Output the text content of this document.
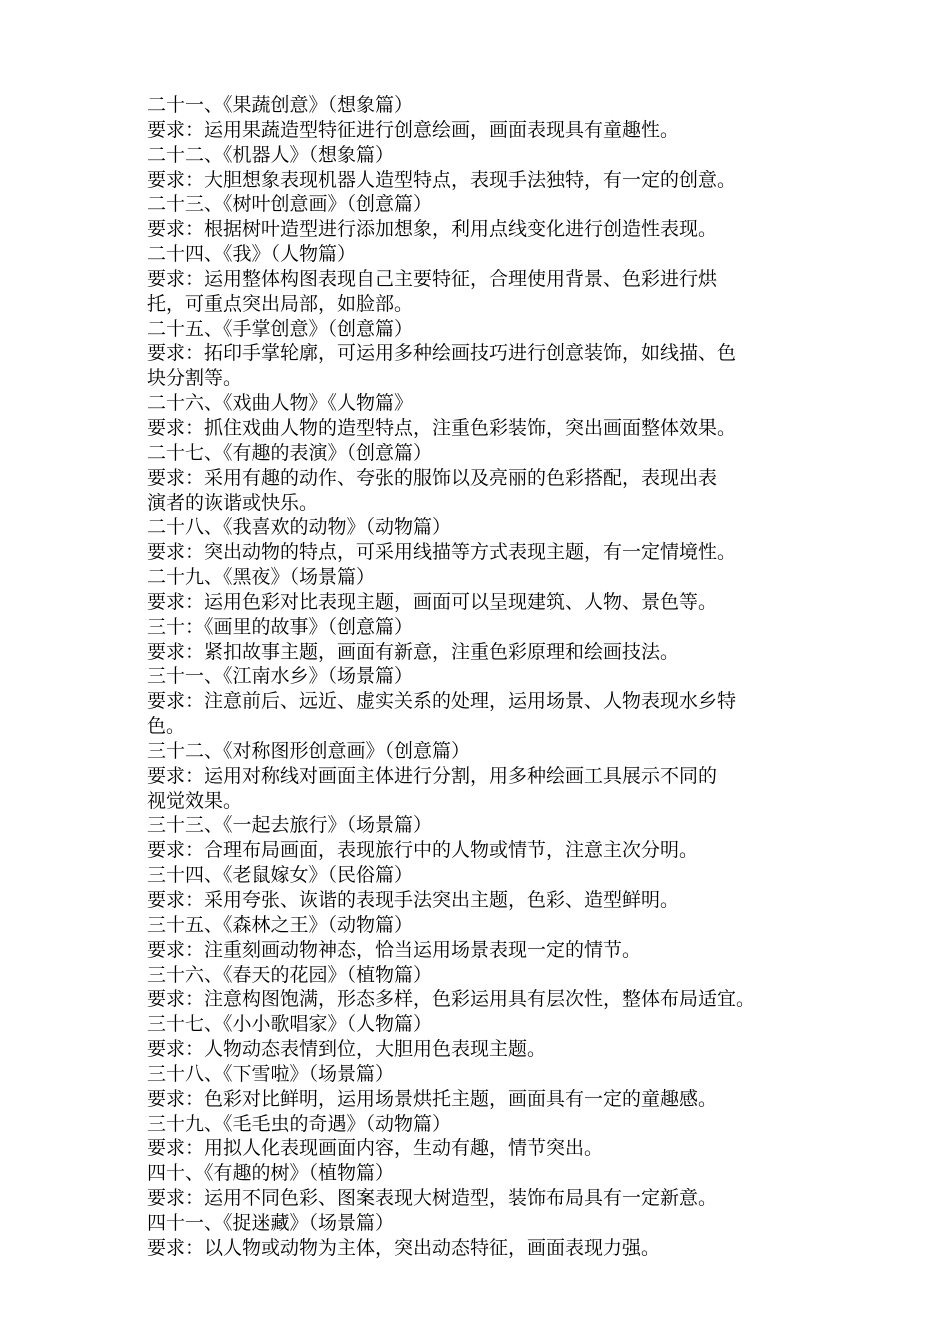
二十一、《果蔬创意》（想象篇）
要求：运用果蔬造型特征进行创意绘画，画面表现具有童趣性。
二十二、《机器人》（想象篇）
要求：大胆想象表现机器人造型特点，表现手法独特，有一定的创意。
二十三、《树叶创意画》（创意篇）
要求：根据树叶造型进行添加想象，利用点线变化进行创造性表现。
二十四、《我》（人物篇）
要求：运用整体构图表现自己主要特征，合理使用背景、色彩进行烘
托，可重点突出局部，如脸部。
二十五、《手掌创意》（创意篇）
要求：拓印手掌轮廓，可运用多种绘画技巧进行创意装饰，如线描、色
块分割等。
二十六、《戏曲人物》《人物篇》
要求：抓住戏曲人物的造型特点，注重色彩装饰，突出画面整体效果。
二十七、《有趣的表演》（创意篇）
要求：采用有趣的动作、夸张的服饰以及亮丽的色彩搭配，表现出表
演者的诙谐或快乐。
二十八、《我喜欢的动物》（动物篇）
要求：突出动物的特点，可采用线描等方式表现主题，有一定情境性。
二十九、《黑夜》（场景篇）
要求：运用色彩对比表现主题，画面可以呈现建筑、人物、景色等。
三十：《画里的故事》（创意篇）
要求：紧扣故事主题，画面有新意，注重色彩原理和绘画技法。
三十一、《江南水乡》（场景篇）
要求：注意前后、远近、虚实关系的处理，运用场景、人物表现水乡特
色。
三十二、《对称图形创意画》（创意篇）
要求：运用对称线对画面主体进行分割，用多种绘画工具展示不同的
视觉效果。
三十三、《一起去旅行》（场景篇）
要求：合理布局画面，表现旅行中的人物或情节，注意主次分明。
三十四、《老鼠嫁女》（民俗篇）
要求：采用夸张、诙谐的表现手法突出主题，色彩、造型鲜明。
三十五、《森林之王》（动物篇）
要求：注重刻画动物神态，恰当运用场景表现一定的情节。
三十六、《春天的花园》（植物篇）
要求：注意构图饱满，形态多样，色彩运用具有层次性，整体布局适宜。
三十七、《小小歌唱家》（人物篇）
要求：人物动态表情到位，大胆用色表现主题。
三十八、《下雪啦》（场景篇）
要求：色彩对比鲜明，运用场景烘托主题，画面具有一定的童趣感。
三十九、《毛毛虫的奇遇》（动物篇）
要求：用拟人化表现画面内容，生动有趣，情节突出。
四十、《有趣的树》（植物篇）
要求：运用不同色彩、图案表现大树造型，装饰布局具有一定新意。
四十一、《捉迷藏》（场景篇）
要求：以人物或动物为主体，突出动态特征，画面表现力强。
